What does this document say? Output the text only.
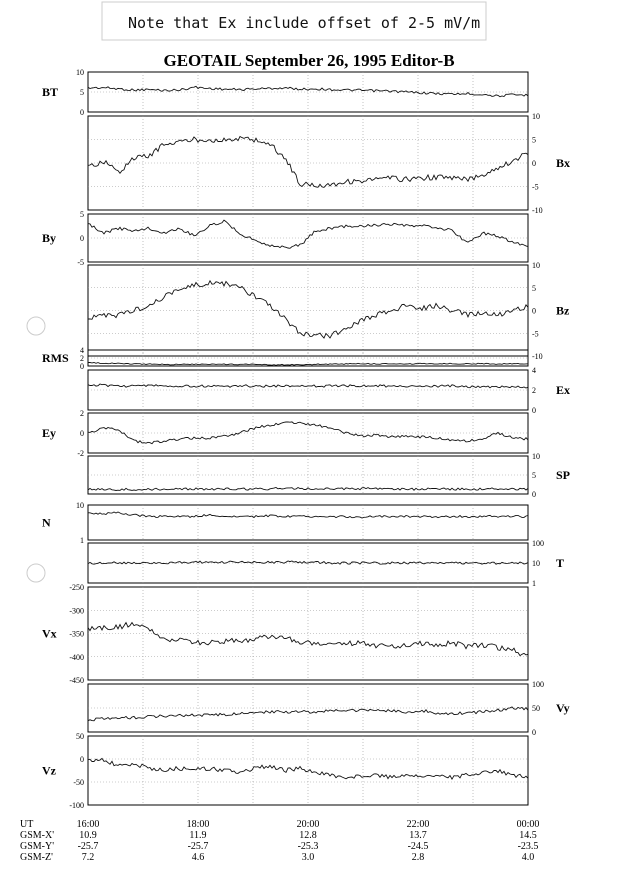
Note that Ex include offset of 2-5 mV/m
GEOTAIL September 26, 1995 Editor-B
10
5
0
BT
10
5
0
-5
-10
Bx
5
0
-5
By
10
5
0
-5
-10
Bz
4
2
0
RMS
4
2
0
Ex
2
0
-2
Ey
10
5
0
SP
10
1
N
100
10
1
T
-250
-300
-350
-400
-450
Vx
100
50
0
Vy
50
0
-50
-100
Vz
UT
GSM-X'
GSM-Y'
GSM-Z'
16:00
10.9
-25.7
7.2
18:00
11.9
-25.7
4.6
20:00
12.8
-25.3
3.0
22:00
13.7
-24.5
2.8
00:00
14.5
-23.5
4.0
